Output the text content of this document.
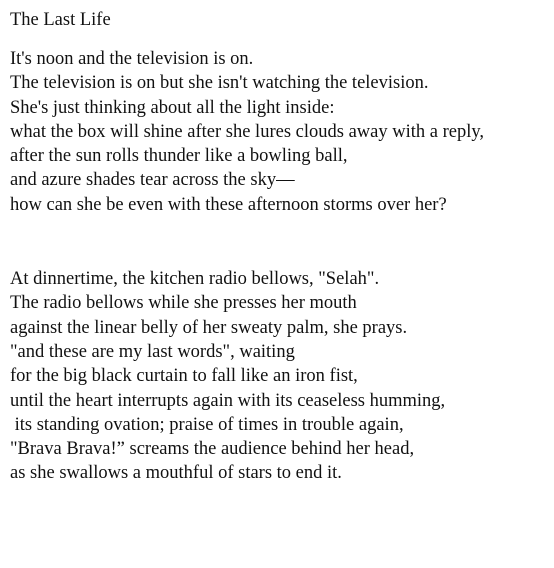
The Last Life
It's noon and the television is on.
The television is on but she isn't watching the television.
She's just thinking about all the light inside:
what the box will shine after she lures clouds away with a reply,
after the sun rolls thunder like a bowling ball,
and azure shades tear across the sky—
how can she be even with these afternoon storms over her?
At dinnertime, the kitchen radio bellows, "Selah".
The radio bellows while she presses her mouth
against the linear belly of her sweaty palm, she prays.
"and these are my last words", waiting
for the big black curtain to fall like an iron fist,
until the heart interrupts again with its ceaseless humming,
its standing ovation; praise of times in trouble again,
"Brava Brava!” screams the audience behind her head,
as she swallows a mouthful of stars to end it.
